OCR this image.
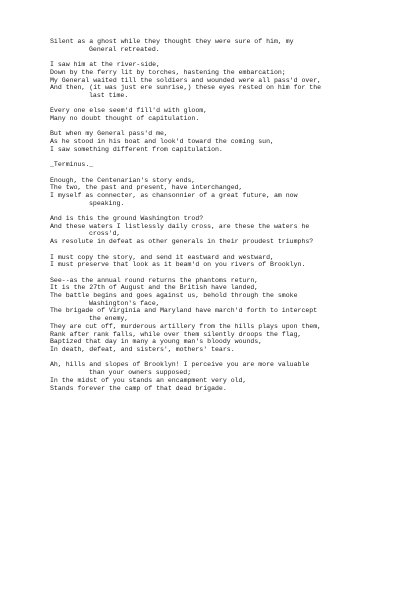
Silent as a ghost while they thought they were sure of him, my
General retreated.
I saw him at the river-side,
Down by the ferry lit by torches, hastening the embarcation;
My General waited till the soldiers and wounded were all pass'd over,
And then, (it was just ere sunrise,) these eyes rested on him for the
last time.
Every one else seem'd fill'd with gloom,
Many no doubt thought of capitulation.
But when my General pass'd me,
As he stood in his boat and look'd toward the coming sun,
I saw something different from capitulation.
_Terminus._
Enough, the Centenarian's story ends,
The two, the past and present, have interchanged,
I myself as connecter, as chansonnier of a great future, am now
speaking.
And is this the ground Washington trod?
And these waters I listlessly daily cross, are these the waters he
cross'd,
As resolute in defeat as other generals in their proudest triumphs?
I must copy the story, and send it eastward and westward,
I must preserve that look as it beam'd on you rivers of Brooklyn.
See--as the annual round returns the phantoms return,
It is the 27th of August and the British have landed,
The battle begins and goes against us, behold through the smoke
Washington's face,
The brigade of Virginia and Maryland have march'd forth to intercept
the enemy,
They are cut off, murderous artillery from the hills plays upon them,
Rank after rank falls, while over them silently droops the flag,
Baptized that day in many a young man's bloody wounds,
In death, defeat, and sisters', mothers' tears.
Ah, hills and slopes of Brooklyn! I perceive you are more valuable
than your owners supposed;
In the midst of you stands an encampment very old,
Stands forever the camp of that dead brigade.
